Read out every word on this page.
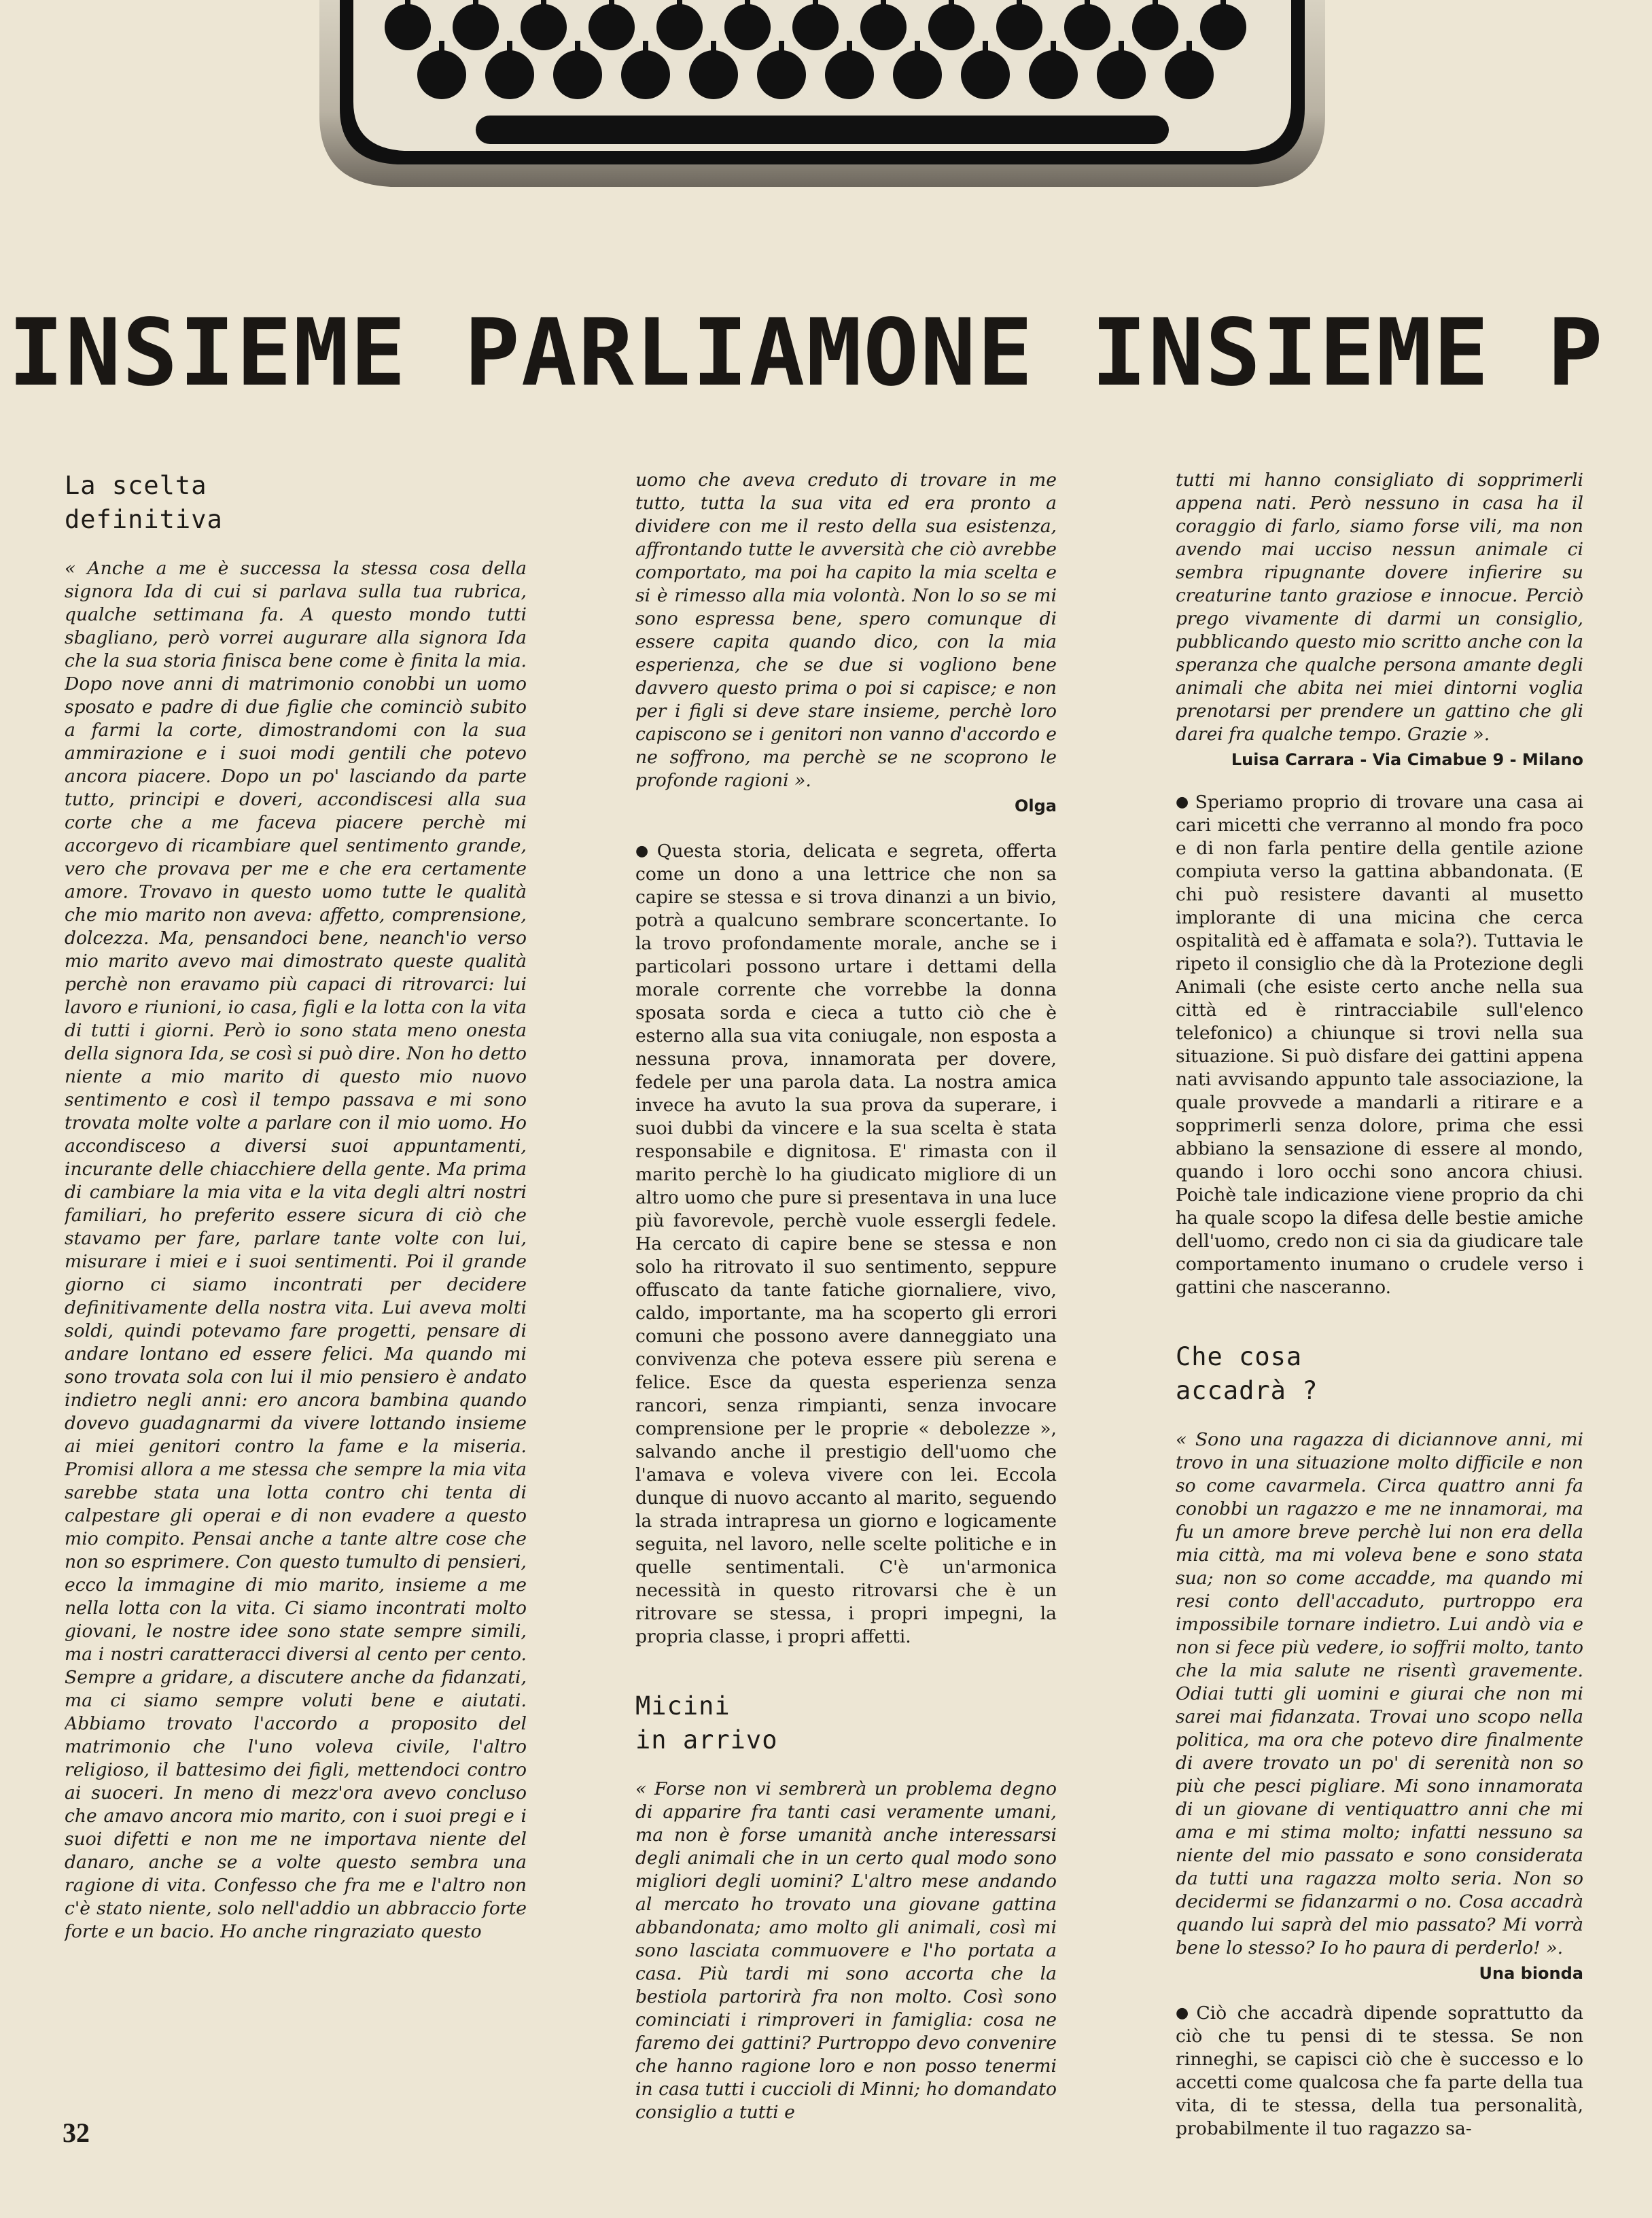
INSIEME PARLIAMONE INSIEME P
La scelta
definitiva

« Anche a me è successa la stessa cosa della signora Ida di cui si parlava sulla tua rubrica, qualche settimana fa. A questo mondo tutti sbagliano, però vorrei augurare alla signora Ida che la sua storia finisca bene come è finita la mia. Dopo nove anni di matrimonio conobbi un uomo sposato e padre di due figlie che cominciò subito a farmi la corte, dimostrandomi con la sua ammirazione e i suoi modi gentili che potevo ancora piacere. Dopo un po' lasciando da parte tutto, principi e doveri, accondiscesi alla sua corte che a me faceva piacere perchè mi accorgevo di ricambiare quel sentimento grande, vero che provava per me e che era certamente amore. Trovavo in questo uomo tutte le qualità che mio marito non aveva: affetto, comprensione, dolcezza. Ma, pensandoci bene, neanch'io verso mio marito avevo mai dimostrato queste qualità perchè non eravamo più capaci di ritrovarci: lui lavoro e riunioni, io casa, figli e la lotta con la vita di tutti i giorni. Però io sono stata meno onesta della signora Ida, se così si può dire. Non ho detto niente a mio marito di questo mio nuovo sentimento e così il tempo passava e mi sono trovata molte volte a parlare con il mio uomo. Ho accondisceso a diversi suoi appuntamenti, incurante delle chiacchiere della gente. Ma prima di cambiare la mia vita e la vita degli altri nostri familiari, ho preferito essere sicura di ciò che stavamo per fare, parlare tante volte con lui, misurare i miei e i suoi sentimenti. Poi il grande giorno ci siamo incontrati per decidere definitivamente della nostra vita. Lui aveva molti soldi, quindi potevamo fare progetti, pensare di andare lontano ed essere felici. Ma quando mi sono trovata sola con lui il mio pensiero è andato indietro negli anni: ero ancora bambina quando dovevo guadagnarmi da vivere lottando insieme ai miei genitori contro la fame e la miseria. Promisi allora a me stessa che sempre la mia vita sarebbe stata una lotta contro chi tenta di calpestare gli operai e di non evadere a questo mio compito. Pensai anche a tante altre cose che non so esprimere. Con questo tumulto di pensieri, ecco la immagine di mio marito, insieme a me nella lotta con la vita. Ci siamo incontrati molto giovani, le nostre idee sono state sempre simili, ma i nostri caratteracci diversi al cento per cento. Sempre a gridare, a discutere anche da fidanzati, ma ci siamo sempre voluti bene e aiutati. Abbiamo trovato l'accordo a proposito del matrimonio che l'uno voleva civile, l'altro religioso, il battesimo dei figli, mettendoci contro ai suoceri. In meno di mezz'ora avevo concluso che amavo ancora mio marito, con i suoi pregi e i suoi difetti e non me ne importava niente del danaro, anche se a volte questo sembra una ragione di vita. Confesso che fra me e l'altro non c'è stato niente, solo nell'addio un abbraccio forte forte e un bacio. Ho anche ringraziato questo

uomo che aveva creduto di trovare in me tutto, tutta la sua vita ed era pronto a dividere con me il resto della sua esistenza, affrontando tutte le avversità che ciò avrebbe comportato, ma poi ha capito la mia scelta e si è rimesso alla mia volontà. Non lo so se mi sono espressa bene, spero comunque di essere capita quando dico, con la mia esperienza, che se due si vogliono bene davvero questo prima o poi si capisce; e non per i figli si deve stare insieme, perchè loro capiscono se i genitori non vanno d'accordo e ne soffrono, ma perchè se ne scoprono le profonde ragioni ».

Olga

● Questa storia, delicata e segreta, offerta come un dono a una lettrice che non sa capire se stessa e si trova dinanzi a un bivio, potrà a qualcuno sembrare sconcertante. Io la trovo profondamente morale, anche se i particolari possono urtare i dettami della morale corrente che vorrebbe la donna sposata sorda e cieca a tutto ciò che è esterno alla sua vita coniugale, non esposta a nessuna prova, innamorata per dovere, fedele per una parola data. La nostra amica invece ha avuto la sua prova da superare, i suoi dubbi da vincere e la sua scelta è stata responsabile e dignitosa. E' rimasta con il marito perchè lo ha giudicato migliore di un altro uomo che pure si presentava in una luce più favorevole, perchè vuole essergli fedele. Ha cercato di capire bene se stessa e non solo ha ritrovato il suo sentimento, seppure offuscato da tante fatiche giornaliere, vivo, caldo, importante, ma ha scoperto gli errori comuni che possono avere danneggiato una convivenza che poteva essere più serena e felice. Esce da questa esperienza senza rancori, senza rimpianti, senza invocare comprensione per le proprie « debolezze », salvando anche il prestigio dell'uomo che l'amava e voleva vivere con lei. Eccola dunque di nuovo accanto al marito, seguendo la strada intrapresa un giorno e logicamente seguita, nel lavoro, nelle scelte politiche e in quelle sentimentali. C'è un'armonica necessità in questo ritrovarsi che è un ritrovare se stessa, i propri impegni, la propria classe, i propri affetti.

Micini
in arrivo

« Forse non vi sembrerà un problema degno di apparire fra tanti casi veramente umani, ma non è forse umanità anche interessarsi degli animali che in un certo qual modo sono migliori degli uomini? L'altro mese andando al mercato ho trovato una giovane gattina abbandonata; amo molto gli animali, così mi sono lasciata commuovere e l'ho portata a casa. Più tardi mi sono accorta che la bestiola partorirà fra non molto. Così sono cominciati i rimproveri in famiglia: cosa ne faremo dei gattini? Purtroppo devo convenire che hanno ragione loro e non posso tenermi in casa tutti i cuccioli di Minni; ho domandato consiglio a tutti e

tutti mi hanno consigliato di sopprimerli appena nati. Però nessuno in casa ha il coraggio di farlo, siamo forse vili, ma non avendo mai ucciso nessun animale ci sembra ripugnante dovere infierire su creaturine tanto graziose e innocue. Perciò prego vivamente di darmi un consiglio, pubblicando questo mio scritto anche con la speranza che qualche persona amante degli animali che abita nei miei dintorni voglia prenotarsi per prendere un gattino che gli darei fra qualche tempo. Grazie ».

Luisa Carrara - Via Cimabue 9 - Milano

● Speriamo proprio di trovare una casa ai cari micetti che verranno al mondo fra poco e di non farla pentire della gentile azione compiuta verso la gattina abbandonata. (E chi può resistere davanti al musetto implorante di una micina che cerca ospitalità ed è affamata e sola?). Tuttavia le ripeto il consiglio che dà la Protezione degli Animali (che esiste certo anche nella sua città ed è rintracciabile sull'elenco telefonico) a chiunque si trovi nella sua situazione. Si può disfare dei gattini appena nati avvisando appunto tale associazione, la quale provvede a mandarli a ritirare e a sopprimerli senza dolore, prima che essi abbiano la sensazione di essere al mondo, quando i loro occhi sono ancora chiusi. Poichè tale indicazione viene proprio da chi ha quale scopo la difesa delle bestie amiche dell'uomo, credo non ci sia da giudicare tale comportamento inumano o crudele verso i gattini che nasceranno.

Che cosa
accadrà ?

« Sono una ragazza di diciannove anni, mi trovo in una situazione molto difficile e non so come cavarmela. Circa quattro anni fa conobbi un ragazzo e me ne innamorai, ma fu un amore breve perchè lui non era della mia città, ma mi voleva bene e sono stata sua; non so come accadde, ma quando mi resi conto dell'accaduto, purtroppo era impossibile tornare indietro. Lui andò via e non si fece più vedere, io soffrii molto, tanto che la mia salute ne risentì gravemente. Odiai tutti gli uomini e giurai che non mi sarei mai fidanzata. Trovai uno scopo nella politica, ma ora che potevo dire finalmente di avere trovato un po' di serenità non so più che pesci pigliare. Mi sono innamorata di un giovane di ventiquattro anni che mi ama e mi stima molto; infatti nessuno sa niente del mio passato e sono considerata da tutti una ragazza molto seria. Non so decidermi se fidanzarmi o no. Cosa accadrà quando lui saprà del mio passato? Mi vorrà bene lo stesso? Io ho paura di perderlo! ».

Una bionda

● Ciò che accadrà dipende soprattutto da ciò che tu pensi di te stessa. Se non rinneghi, se capisci ciò che è successo e lo accetti come qualcosa che fa parte della tua vita, di te stessa, della tua personalità, probabilmente il tuo ragazzo sa-

32
